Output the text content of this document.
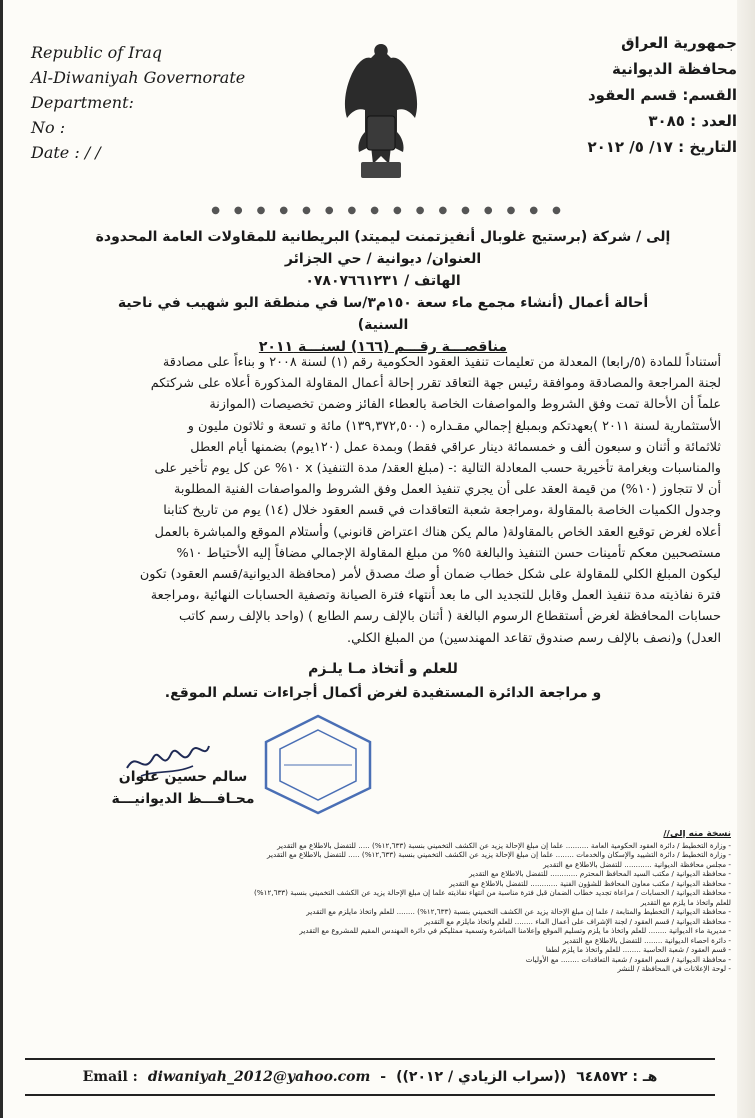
Republic of Iraq
Al-Diwaniyah Governorate
Department:
No :
Date : / /
جمهورية العراق
محافظة الديوانية
القسم: قسم العقود
العدد : ٣٠٨٥
التاريخ : ١٧/ ٥/ ٢٠١٢
●●●●●●●●●●●●●●●●
إلى / شركة (برستيج غلوبال أنفيزتمنت ليميتد) البريطانية للمقاولات العامة المحدودة
العنوان/ ديوانية / حي الجزائر
الهاتف / ٠٧٨٠٧٦٦١٢٣١
أحالة أعمال (أنشاء مجمع ماء سعة ١٥٠م٣/سا في منطقة البو شهيب في ناحية السنية)
مناقصـــة رقـــم (١٦٦) لسنـــة ٢٠١١

أستناداً للمادة (٥/رابعا) المعدلة من تعليمات تنفيذ العقود الحكومية رقم (١) لسنة ٢٠٠٨ و بناءاً على مصادقة

لجنة المراجعة والمصادقة وموافقة رئيس جهة التعاقد تقرر إحالة أعمال المقاولة المذكورة أعلاه على شركتكم

علماً أن الأحالة تمت وفق الشروط والمواصفات الخاصة بالعطاء الفائز وضمن تخصيصات (الموازنة

الأستثمارية لسنة ٢٠١١ )بعهدتكم وبمبلغ إجمالي مقـداره (١٣٩,٣٧٢,٥٠٠) مائة و تسعة و ثلاثون مليون و

ثلاثمائة و أثنان و سبعون ألف و خمسمائة دينار عراقي فقط) وبمدة عمل (١٢٠يوم) بضمنها أيام العطل

والمناسبات وبغرامة تأخيرية حسب المعادلة التالية :- (مبلغ العقد/ مدة التنفيذ) x ١٠% عن كل يوم تأخير على

أن لا تتجاوز (١٠%) من قيمة العقد على أن يجري تنفيذ العمل وفق الشروط والمواصفات الفنية المطلوبة

وجدول الكميات الخاصة بالمقاولة ،ومراجعة شعبة التعاقدات في قسم العقود خلال (١٤) يوم من تاريخ كتابنا

أعلاه لغرض توقيع العقد الخاص بالمقاولة( مالم يكن هناك اعتراض قانوني) وأستلام الموقع والمباشرة بالعمل

مستصحبين معكم تأمينات حسن التنفيذ والبالغة ٥% من مبلغ المقاولة الإجمالي مضافاً إليه الأحتياط ١٠%

ليكون المبلغ الكلي للمقاولة على شكل خطاب ضمان أو صك مصدق لأمر (محافظة الديوانية/قسم العقود) تكون

فترة نفاذيته مدة تنفيذ العمل وقابل للتجديد الى ما بعد أنتهاء فترة الصيانة وتصفية الحسابات النهائية ،ومراجعة

حسابات المحافظة لغرض أستقطاع الرسوم البالغة ( أثنان بالإلف رسم الطابع ) (واحد بالإلف رسم كاتب

العدل) و(نصف بالإلف رسم صندوق تقاعد المهندسين) من المبلغ الكلي.

للعلم و أتخاذ مـا يلـزم
و مراجعة الدائرة المستفيدة لغرض أكمال أجراءات تسلم الموقع.
سالم حسين علوان
محـافـــظ الديوانيـــة
نسخة منه إلى//
- وزارة التخطيط / دائرة العقود الحكومية العامة .......... علما إن مبلغ الإحالة يزيد عن الكشف التخميني بنسبة (١٢,٦٣٣%) ..... للتفضل بالاطلاع مع التقدير
- وزارة التخطيط / دائرة التشييد والإسكان والخدمات ........ علما إن مبلغ الإحالة يزيد عن الكشف التخميني بنسبة (١٢,٦٣٣%) ..... للتفضل بالاطلاع مع التقدير
- مجلس محافظة الديوانية ............ للتفضل بالاطلاع مع التقدير
- محافظة الديوانية / مكتب السيد المحافظ المحترم ............ للتفضل بالاطلاع مع التقدير
- محافظة الديوانية / مكتب معاون المحافظ للشؤون الفنية ............ للتفضل بالاطلاع مع التقدير
- محافظة الديوانية / الحسابات / مراعاة تجديد خطاب الضمان قبل فترة مناسبة من انتهاء نفاذيته علما إن مبلغ الإحالة يزيد عن الكشف التخميني بنسبة (١٢,٦٣٣%)
للعلم واتخاذ ما يلزم مع التقدير
- محافظة الديوانية / التخطيط والمتابعة / علما إن مبلغ الإحالة يزيد عن الكشف التخميني بنسبة (١٢,٦٣٣%) ........ للعلم واتخاذ مايلزم مع التقدير
- محافظة الديوانية / قسم العقود / لجنة الإشراف على أعمال الماء ........ للعلم واتخاذ مايلزم مع التقدير
- مديرية ماء الديوانية ........ للعلم واتخاذ ما يلزم وتسليم الموقع وإعلامنا المباشرة وتسمية ممثليكم في دائرة المهندس المقيم للمشروع مع التقدير
- دائرة احصاء الديوانية ........ للتفضل بالاطلاع مع التقدير
- قسم العقود / شعبة الحاسبة ........ للعلم واتخاذ ما يلزم لطفا
- محافظة الديوانية / قسم العقود / شعبة التعاقدات ........ مع الأوليات
- لوحة الإعلانات في المحافظة / للنشر
Email : diwaniyah_2012@yahoo.com - ((سراب الزيادي / ٢٠١٢)) هـ : ٦٤٨٥٧٢
